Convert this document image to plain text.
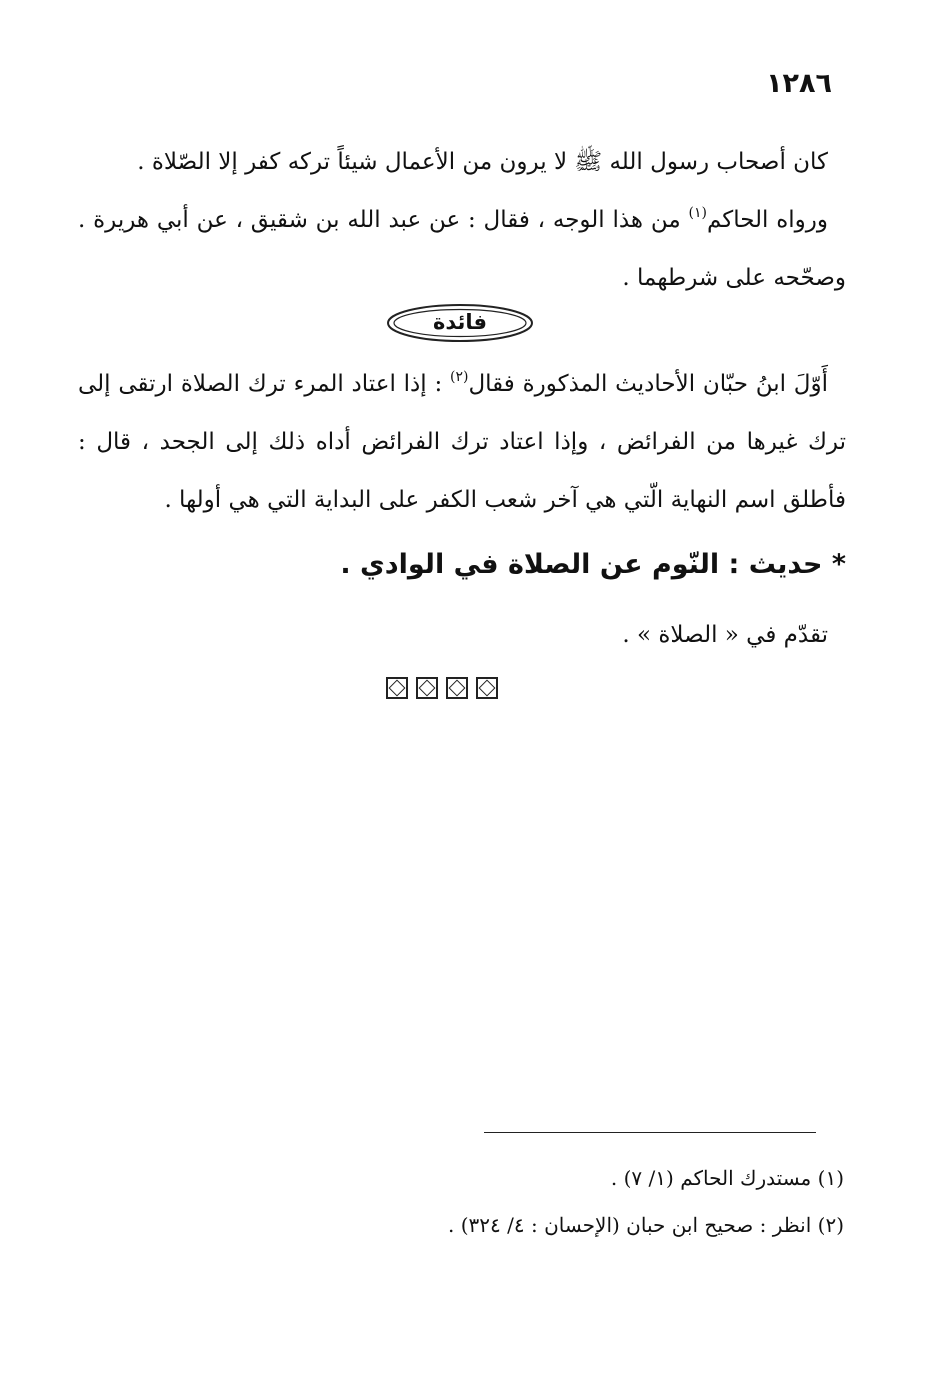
١٢٨٦

كان أصحاب رسول الله ﷺ لا يرون من الأعمال شيئاً تركه كفر إلا الصّلاة .

ورواه الحاكم$^{(١)}$ من هذا الوجه ، فقال : عن عبد الله بن شقيق ، عن أبي هريرة . وصحّحه على شرطهما .

فائدة

أَوّلَ ابنُ حبّان الأحاديث المذكورة فقال$^{(٢)}$ : إذا اعتاد المرء ترك الصلاة ارتقى إلى ترك غيرها من الفرائض ، وإذا اعتاد ترك الفرائض أداه ذلك إلى الجحد ، قال : فأطلق اسم النهاية الّتي هي آخر شعب الكفر على البداية التي هي أولها .

* حديث : النّوم عن الصلاة في الوادي .
تقدّم في « الصلاة » .
(١) مستدرك الحاكم (١/ ٧) .
(٢) انظر : صحيح ابن حبان (الإحسان : ٤/ ٣٢٤) .
